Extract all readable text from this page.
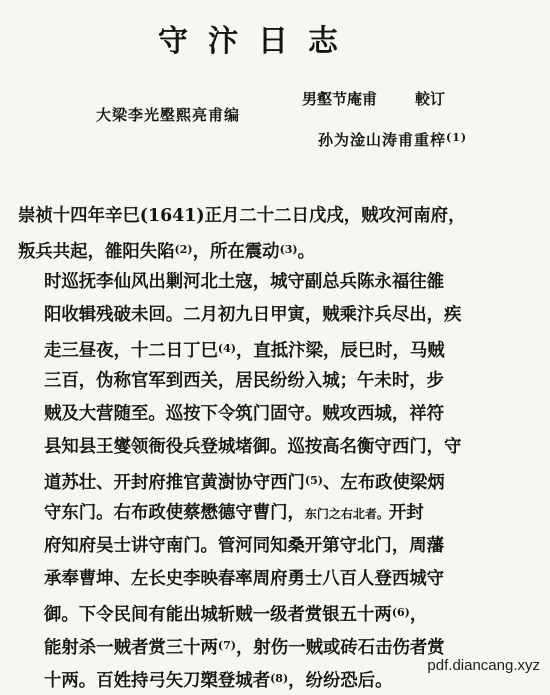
守汴日志
大梁李光壂熙亮甫编
男壑节庵甫	較订
孙为淦山涛甫重梓$^{(1)}$
崇祯十四年辛巳(1641)正月二十二日戊戌，贼攻河南府，
叛兵共起，雒阳失陷$^{(2)}$，所在震动$^{(3)}$。
时巡抚李仙风出剿河北土寇，城守副总兵陈永福往雒
阳收辑残破未回。二月初九日甲寅，贼乘汴兵尽出，疾
走三昼夜，十二日丁巳$^{(4)}$，直抵汴梁，辰巳时，马贼
三百，伪称官军到西关，居民纷纷入城；午未时，步
贼及大营随至。巡按下令筑门固守。贼攻西城，祥符
县知县王燮领衙役兵登城堵御。巡按高名衡守西门，守
道苏壮、开封府推官黄澍协守西门$^{(5)}$、左布政使梁炳
守东门。右布政使蔡懋德守曹门，东门之右北者。开封
府知府吴士讲守南门。管河同知桑开第守北门，周藩
承奉曹坤、左长史李映春率周府勇士八百人登西城守
御。下令民间有能出城斩贼一级者赏银五十两$^{(6)}$，
能射杀一贼者赏三十两$^{(7)}$，射伤一贼或砖石击伤者赏
十两。百姓持弓矢刀槊登城者$^{(8)}$，纷纷恐后。
pdf.diancang.xyz
